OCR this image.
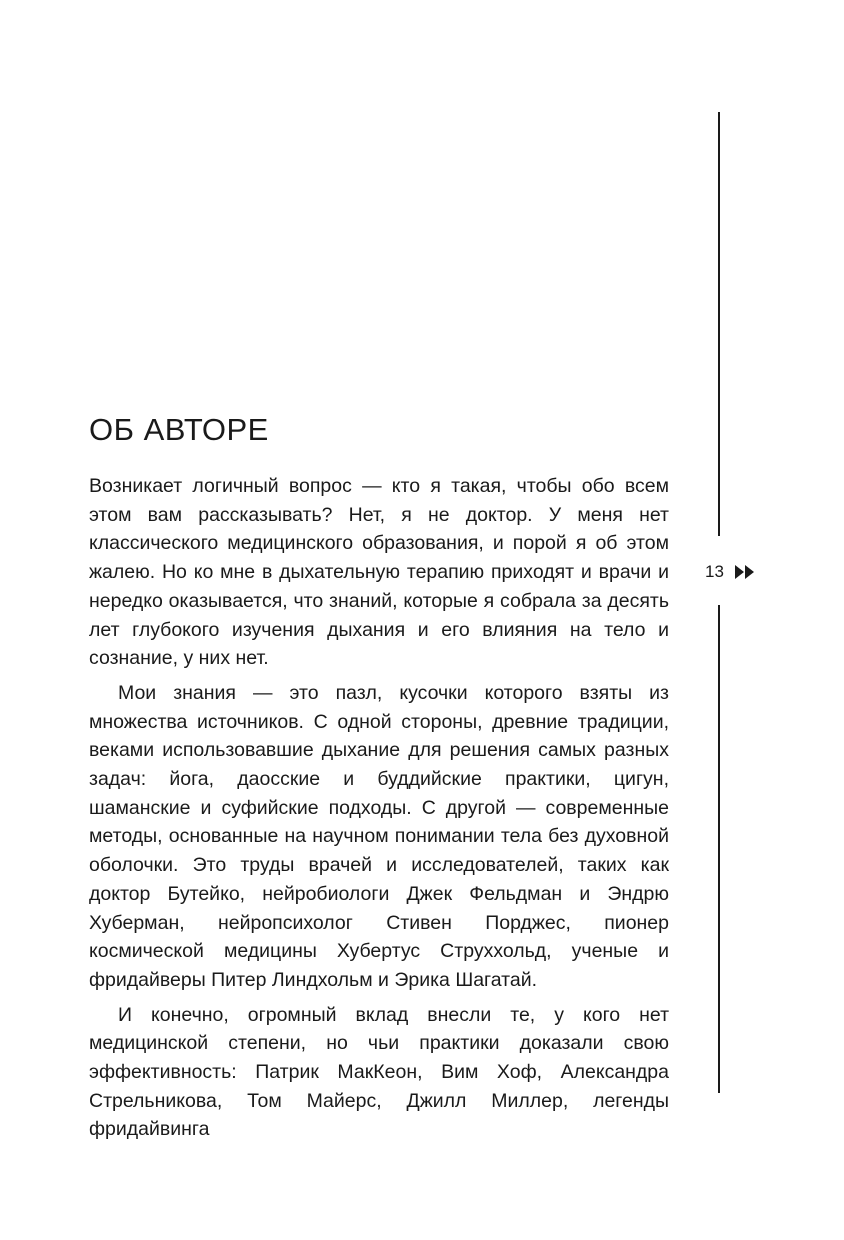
13
ОБ АВТОРЕ

Возникает логичный вопрос — кто я такая, чтобы обо всем этом вам рассказывать? Нет, я не доктор. У меня нет классического медицинского образования, и порой я об этом жалею. Но ко мне в дыхательную терапию приходят и врачи и нередко оказывается, что знаний, которые я собрала за десять лет глубокого изучения дыхания и его влияния на тело и сознание, у них нет.

Мои знания — это пазл, кусочки которого взяты из множества источников. С одной стороны, древние традиции, веками использовавшие дыхание для решения самых разных задач: йога, даосские и буддийские практики, цигун, шаманские и суфийские подходы. С другой — современные методы, основанные на научном понимании тела без духовной оболочки. Это труды врачей и исследователей, таких как доктор Бутейко, нейробиологи Джек Фельдман и Эндрю Хуберман, нейропсихолог Стивен Порджес, пионер космической медицины Хубертус Струххольд, ученые и фридайверы Питер Линдхольм и Эрика Шагатай.

И конечно, огромный вклад внесли те, у кого нет медицинской степени, но чьи практики доказали свою эффективность: Патрик МакКеон, Вим Хоф, Александра Стрельникова, Том Майерс, Джилл Миллер, легенды фридайвинга
